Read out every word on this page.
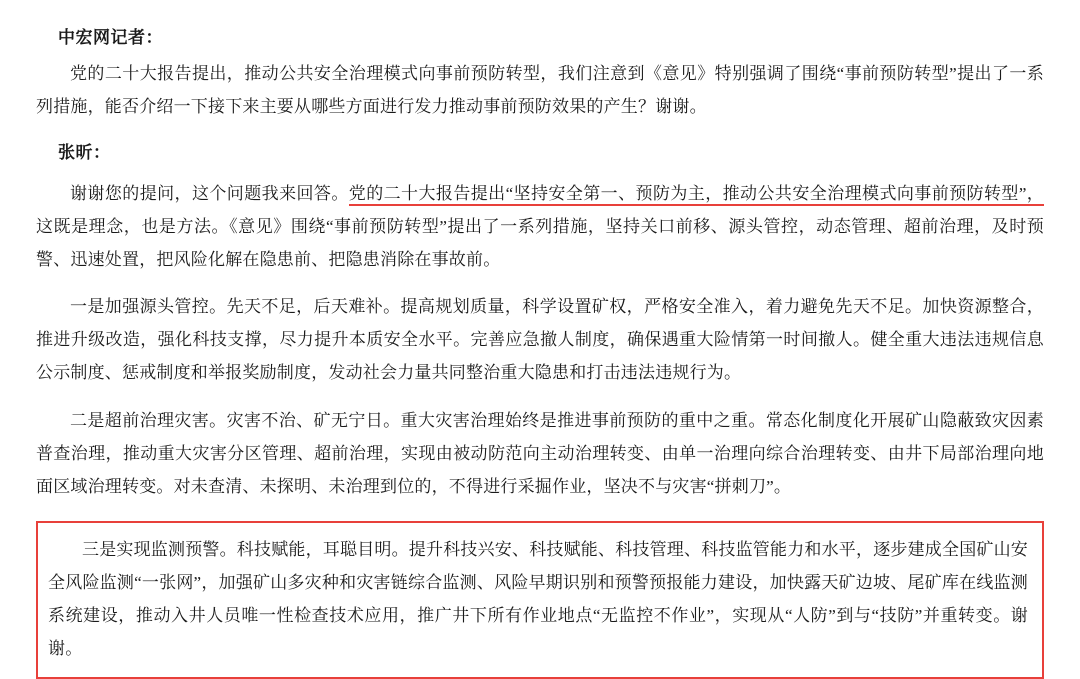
中宏网记者：

党的二十大报告提出，推动公共安全治理模式向事前预防转型，我们注意到《意见》特别强调了围绕“事前预防转型”提出了一系列措施，能否介绍一下接下来主要从哪些方面进行发力推动事前预防效果的产生？谢谢。

张昕：

谢谢您的提问，这个问题我来回答。党的二十大报告提出“坚持安全第一、预防为主，推动公共安全治理模式向事前预防转型”，这既是理念，也是方法。《意见》围绕“事前预防转型”提出了一系列措施，坚持关口前移、源头管控，动态管理、超前治理，及时预警、迅速处置，把风险化解在隐患前、把隐患消除在事故前。

一是加强源头管控。先天不足，后天难补。提高规划质量，科学设置矿权，严格安全准入，着力避免先天不足。加快资源整合，推进升级改造，强化科技支撑，尽力提升本质安全水平。完善应急撤人制度，确保遇重大险情第一时间撤人。健全重大违法违规信息公示制度、惩戒制度和举报奖励制度，发动社会力量共同整治重大隐患和打击违法违规行为。

二是超前治理灾害。灾害不治、矿无宁日。重大灾害治理始终是推进事前预防的重中之重。常态化制度化开展矿山隐蔽致灾因素普查治理，推动重大灾害分区管理、超前治理，实现由被动防范向主动治理转变、由单一治理向综合治理转变、由井下局部治理向地面区域治理转变。对未查清、未探明、未治理到位的，不得进行采掘作业，坚决不与灾害“拼刺刀”。

三是实现监测预警。科技赋能，耳聪目明。提升科技兴安、科技赋能、科技管理、科技监管能力和水平，逐步建成全国矿山安全风险监测“一张网”，加强矿山多灾种和灾害链综合监测、风险早期识别和预警预报能力建设，加快露天矿边坡、尾矿库在线监测系统建设，推动入井人员唯一性检查技术应用，推广井下所有作业地点“无监控不作业”，实现从“人防”到与“技防”并重转变。谢谢。
